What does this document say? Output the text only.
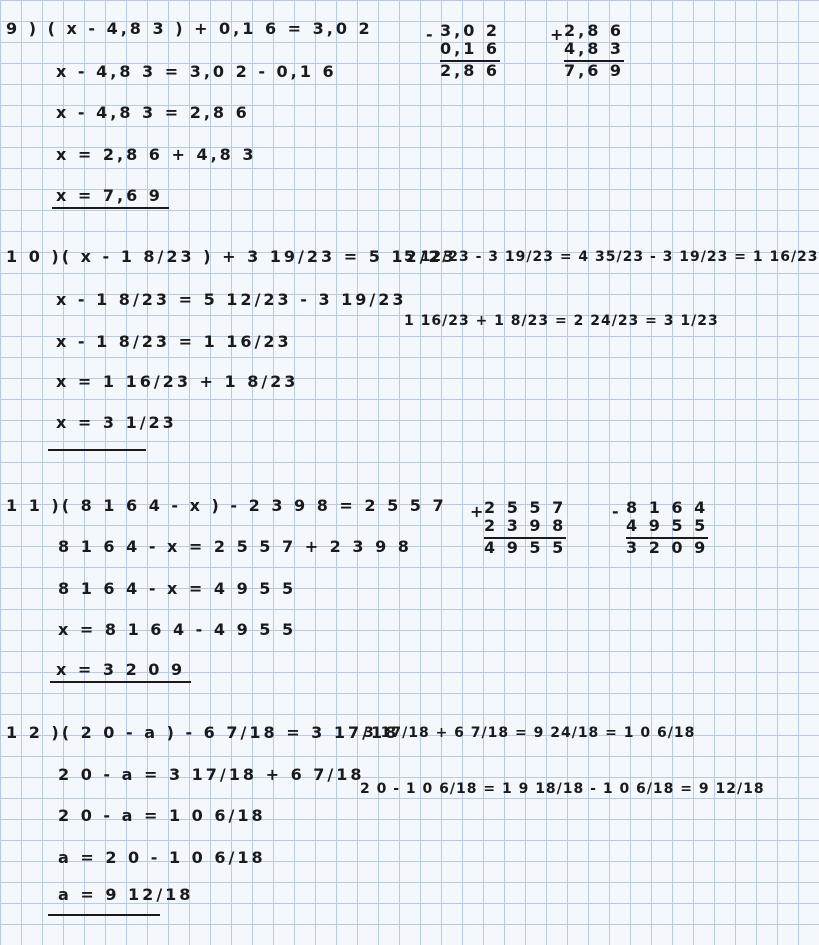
9 ) ( x - 4,8 3 ) + 0,1 6 = 3,0 2
x - 4,8 3 = 3,0 2 - 0,1 6
x - 4,8 3 = 2,8 6
x = 2,8 6 + 4,8 3
x = 7,6 9
- 3,0 2
0,1 6
2,8 6
+
2,8 6
4,8 3
7,6 9
1 0 )( x - 1 8/23 ) + 3 19/23 = 5 12/23
x - 1 8/23 = 5 12/23 - 3 19/23
x - 1 8/23 = 1 16/23
x = 1 16/23 + 1 8/23
x = 3 1/23
5 12/23 - 3 19/23 = 4 35/23 - 3 19/23 = 1 16/23
1 16/23 + 1 8/23 = 2 24/23 = 3 1/23
1 1 )( 8 1 6 4 - x ) - 2 3 9 8 = 2 5 5 7
8 1 6 4 - x = 2 5 5 7 + 2 3 9 8
8 1 6 4 - x = 4 9 5 5
x = 8 1 6 4 - 4 9 5 5
x = 3 2 0 9
+
2 5 5 7
2 3 9 8
4 9 5 5
- 8 1 6 4
4 9 5 5
3 2 0 9
1 2 )( 2 0 - a ) - 6 7/18 = 3 17/18
2 0 - a = 3 17/18 + 6 7/18
2 0 - a = 1 0 6/18
a = 2 0 - 1 0 6/18
a = 9 12/18
3 17/18 + 6 7/18 = 9 24/18 = 1 0 6/18
2 0 - 1 0 6/18 = 1 9 18/18 - 1 0 6/18 = 9 12/18
